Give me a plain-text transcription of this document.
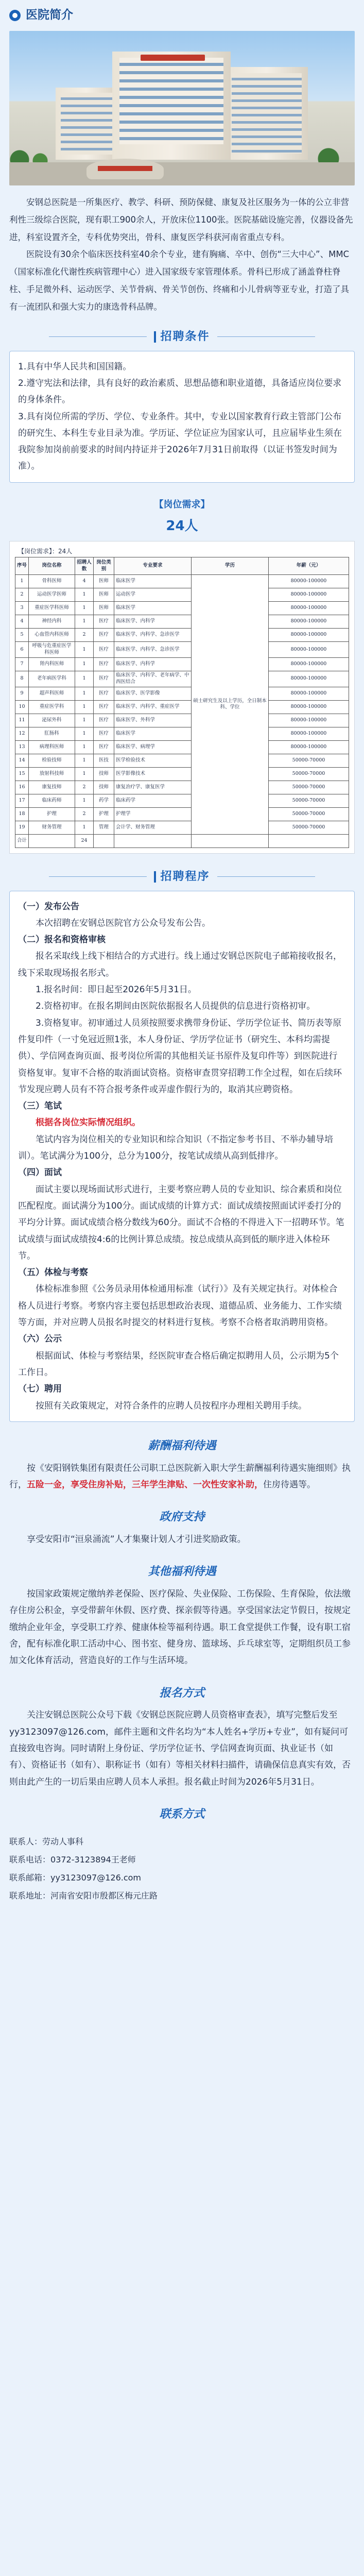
医院简介

安钢总医院是一所集医疗、教学、科研、预防保健、康复及社区服务为一体的公立非营利性三级综合医院，现有职工900余人，开放床位1100张。医院基础设施完善，仪器设备先进，科室设置齐全，专科优势突出，骨科、康复医学科获河南省重点专科。

医院设有30余个临床医技科室40余个专业，建有胸痛、卒中、创伤“三大中心”、MMC（国家标准化代谢性疾病管理中心）进入国家级专家管理体系。骨科已形成了涵盖脊柱脊柱、手足微外科、运动医学、关节骨病、骨关节创伤、终痛和小儿骨病等亚专业，打造了具有一流团队和强大实力的康选骨科品牌。

招聘条件

1.具有中华人民共和国国籍。

2.遵守宪法和法律，具有良好的政治素质、思想品德和职业道德，具备适应岗位要求的身体条件。

3.具有岗位所需的学历、学位、专业条件。其中，专业以国家教育行政主管部门公布的研究生、本科生专业目录为准。学历证、学位证应为国家认可，且应届毕业生须在我院参加岗前前要求的时间内持证并于2026年7月31日前取得（以证书签发时间为准）。

【岗位需求】
24人
【岗位需求】：24人
序号	岗位名称	招聘人数	岗位类别	专业要求	学历	年薪（元）
1	骨科医师	4	医师	临床医学	硕士研究生及以上学历，全日制本科、学位	80000-100000
2	运动医学医师	1	医师	运动医学		80000-100000
3	重症医学科医师	1	医师	临床医学		80000-100000
4	神经内科	1	医疗	临床医学、内科学		80000-100000
5	心血管内科医师	2	医疗	临床医学、内科学、急诊医学		80000-100000
6	呼吸与危重症医学科医师	1	医疗	临床医学、内科学、急诊医学		80000-100000
7	肾内科医师	1	医疗	临床医学、内科学		80000-100000
8	老年病医学科	1	医疗	临床医学、内科学、老年病学、中西医结合		80000-100000
9	超声科医师	1	医疗	临床医学、医学影像		80000-100000
10	重症医学科	1	医疗	临床医学、内科学、重症医学		80000-100000
11	泌尿外科	1	医疗	临床医学、外科学		80000-100000
12	肛肠科	1	医疗	临床医学		80000-100000
13	病理科医师	1	医疗	临床医学、病理学		80000-100000
14	检验技师	1	医技	医学检验技术		50000-70000
15	放射科技师	1	技师	医学影像技术		50000-70000
16	康复技师	2	技师	康复治疗学、康复医学		50000-70000
17	临床药师	1	药学	临床药学		50000-70000
18	护理	2	护理	护理学		50000-70000
19	财务管理	1	管理	会计学、财务管理		50000-70000
合计		24				
招聘程序

（一）发布公告

本次招聘在安钢总医院官方公众号发布公告。

（二）报名和资格审核

报名采取线上线下相结合的方式进行。线上通过安钢总医院电子邮箱接收报名，线下采取现场报名形式。

1.报名时间：即日起至2026年5月31日。

2.资格初审。在报名期间由医院依据报名人员提供的信息进行资格初审。

3.资格复审。初审通过人员须按照要求携带身份证、学历学位证书、简历表等原件复印件（一寸免冠近照1张，本人身份证、学历学位证书（研究生、本科均需提供）、学信网查询页面、报考岗位所需的其他相关证书原件及复印件等）到医院进行资格复审。复审不合格的取消面试资格。资格审查贯穿招聘工作全过程，如在后续环节发现应聘人员有不符合报考条件或弄虚作假行为的，取消其应聘资格。

（三）笔试

根据各岗位实际情况组织。

笔试内容为岗位相关的专业知识和综合知识（不指定参考书目、不举办辅导培训）。笔试满分为100分，总分为100分，按笔试成绩从高到低排序。

（四）面试

面试主要以现场面试形式进行，主要考察应聘人员的专业知识、综合素质和岗位匹配程度。面试满分为100分。面试成绩的计算方式：面试成绩按照面试评委打分的平均分计算。面试成绩合格分数线为60分。面试不合格的不得进入下一招聘环节。笔试成绩与面试成绩按4:6的比例计算总成绩。按总成绩从高到低的顺序进入体检环节。

（五）体检与考察

体检标准参照《公务员录用体检通用标准（试行）》及有关规定执行。对体检合格人员进行考察。考察内容主要包括思想政治表现、道德品质、业务能力、工作实绩等方面，并对应聘人员报名时提交的材料进行复核。考察不合格者取消聘用资格。

（六）公示

根据面试、体检与考察结果，经医院审查合格后确定拟聘用人员，公示期为5个工作日。

（七）聘用

按照有关政策规定，对符合条件的应聘人员按程序办理相关聘用手续。

薪酬福利待遇
按《安阳钢铁集团有限责任公司职工总医院新入职大学生薪酬福利待遇实施细则》执行，五险一金，享受住房补贴，三年学生津贴、一次性安家补助，住房待遇等。
政府支持
享受安阳市“洹泉涌流”人才集聚计划人才引进奖励政策。
其他福利待遇
按国家政策规定缴纳养老保险、医疗保险、失业保险、工伤保险、生育保险，依法缴存住房公积金，享受带薪年休假、医疗费、探亲假等待遇。享受国家法定节假日，按规定缴纳企业年金，享受职工疗养、健康体检等福利待遇。职工食堂提供工作餐，设有职工宿舍，配有标准化职工活动中心、图书室、健身房、篮球场、乒乓球室等，定期组织员工参加文化体育活动，营造良好的工作与生活环境。
报名方式
关注安钢总医院公众号下载《安钢总医院应聘人员资格审查表》，填写完整后发至yy3123097@126.com，邮件主题和文件名均为“本人姓名+学历+专业”，如有疑问可直接致电咨询。同时请附上身份证、学历学位证书、学信网查询页面、执业证书（如有）、资格证书（如有）、职称证书（如有）等相关材料扫描件，请确保信息真实有效，否则由此产生的一切后果由应聘人员本人承担。报名截止时间为2026年5月31日。
联系方式
联系人：劳动人事科
联系电话：0372-3123894王老师
联系邮箱：yy3123097@126.com
联系地址：河南省安阳市殷都区梅元庄路
